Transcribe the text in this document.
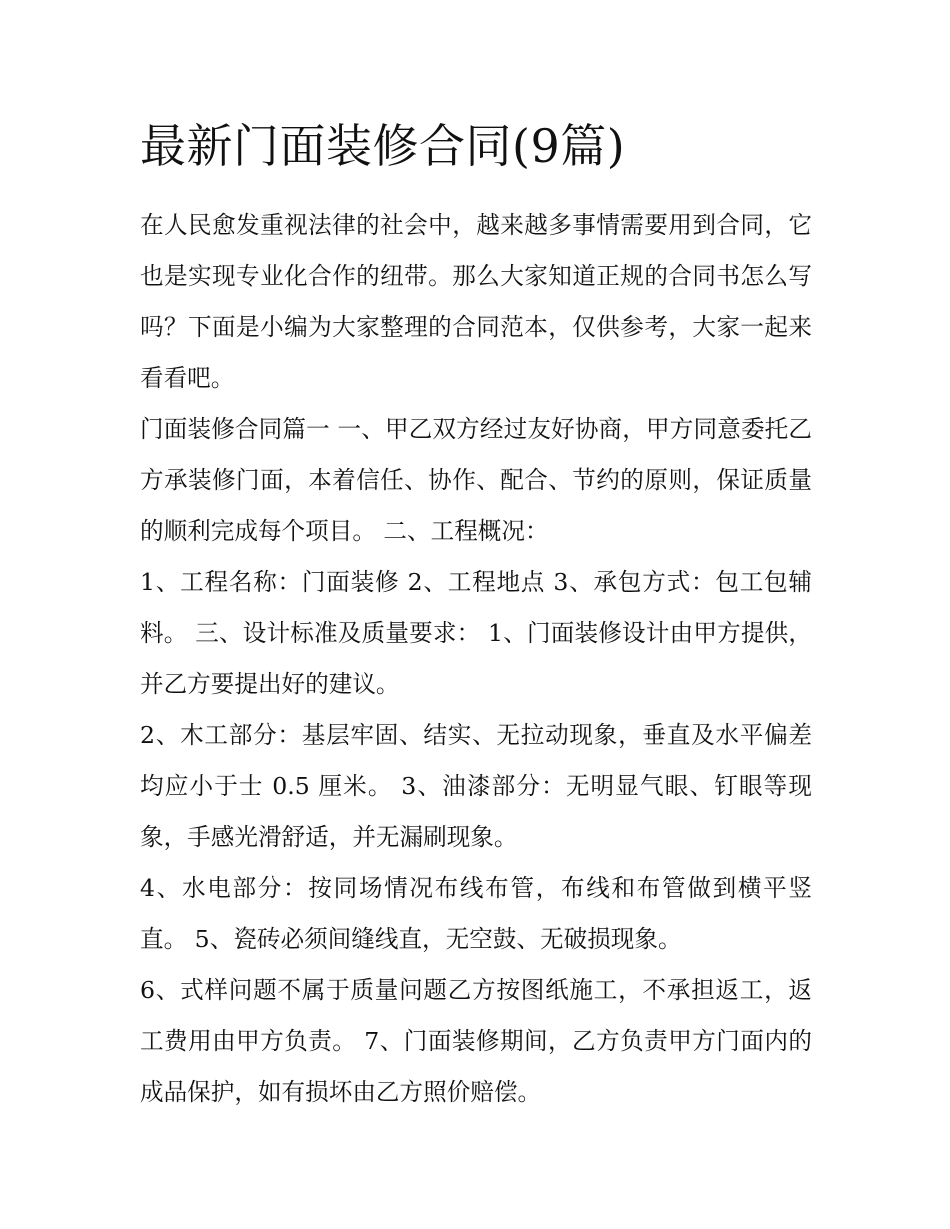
最新门面装修合同(9篇)

在人民愈发重视法律的社会中，越来越多事情需要用到合同，它也是实现专业化合作的纽带。那么大家知道正规的合同书怎么写吗？下面是小编为大家整理的合同范本，仅供参考，大家一起来看看吧。

门面装修合同篇一 一、甲乙双方经过友好协商，甲方同意委托乙方承装修门面，本着信任、协作、配合、节约的原则，保证质量的顺利完成每个项目。 二、工程概况：

1、工程名称：门面装修 2、工程地点 3、承包方式：包工包辅料。 三、设计标准及质量要求： 1、门面装修设计由甲方提供，并乙方要提出好的建议。

2、木工部分：基层牢固、结实、无拉动现象，垂直及水平偏差均应小于士 0.5 厘米。 3、油漆部分：无明显气眼、钉眼等现象，手感光滑舒适，并无漏刷现象。

4、水电部分：按同场情况布线布管，布线和布管做到横平竖直。 5、瓷砖必须间缝线直，无空鼓、无破损现象。

6、式样问题不属于质量问题乙方按图纸施工，不承担返工，返工费用由甲方负责。 7、门面装修期间，乙方负责甲方门面内的成品保护，如有损坏由乙方照价赔偿。
